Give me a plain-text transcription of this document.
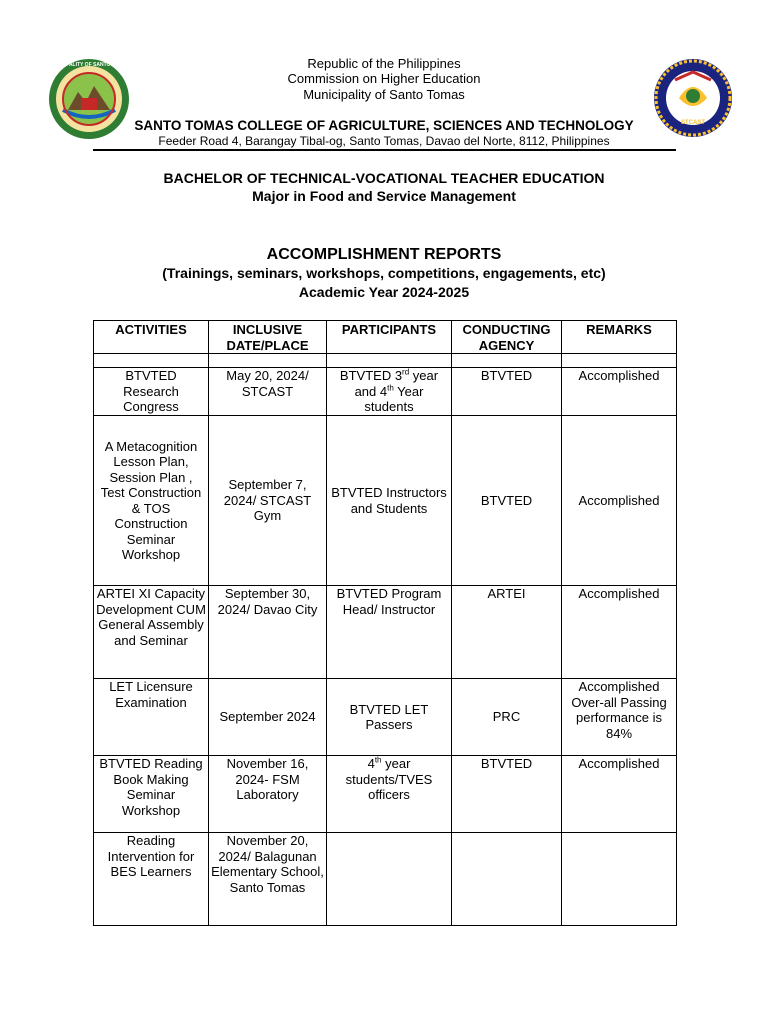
MUNICIPALITY OF SANTO TOMAS
STCAST
Republic of the Philippines
Commission on Higher Education
Municipality of Santo Tomas
SANTO TOMAS COLLEGE OF AGRICULTURE, SCIENCES AND TECHNOLOGY
Feeder Road 4, Barangay Tibal-og, Santo Tomas, Davao del Norte, 8112, Philippines
BACHELOR OF TECHNICAL-VOCATIONAL TEACHER EDUCATION
Major in Food and Service Management
ACCOMPLISHMENT REPORTS
(Trainings, seminars, workshops, competitions, engagements, etc)
Academic Year 2024-2025
ACTIVITIES	INCLUSIVE DATE/PLACE	PARTICIPANTS	CONDUCTING AGENCY	REMARKS

BTVTED Research Congress	May 20, 2024/ STCAST	BTVTED 3rd year and 4th Year students	BTVTED	Accomplished
A Metacognition Lesson Plan, Session Plan , Test Construction & TOS Construction Seminar Workshop	September 7, 2024/ STCAST Gym	BTVTED Instructors and Students	BTVTED	Accomplished
ARTEI XI Capacity Development CUM General Assembly and Seminar	September 30, 2024/ Davao City	BTVTED Program Head/ Instructor	ARTEI	Accomplished
LET Licensure Examination	September 2024	BTVTED LET Passers	PRC	Accomplished Over-all Passing performance is 84%
BTVTED Reading Book Making Seminar Workshop	November 16, 2024- FSM Laboratory	4th year students/TVES officers	BTVTED	Accomplished
Reading Intervention for BES Learners	November 20, 2024/ Balagunan Elementary School, Santo Tomas			
